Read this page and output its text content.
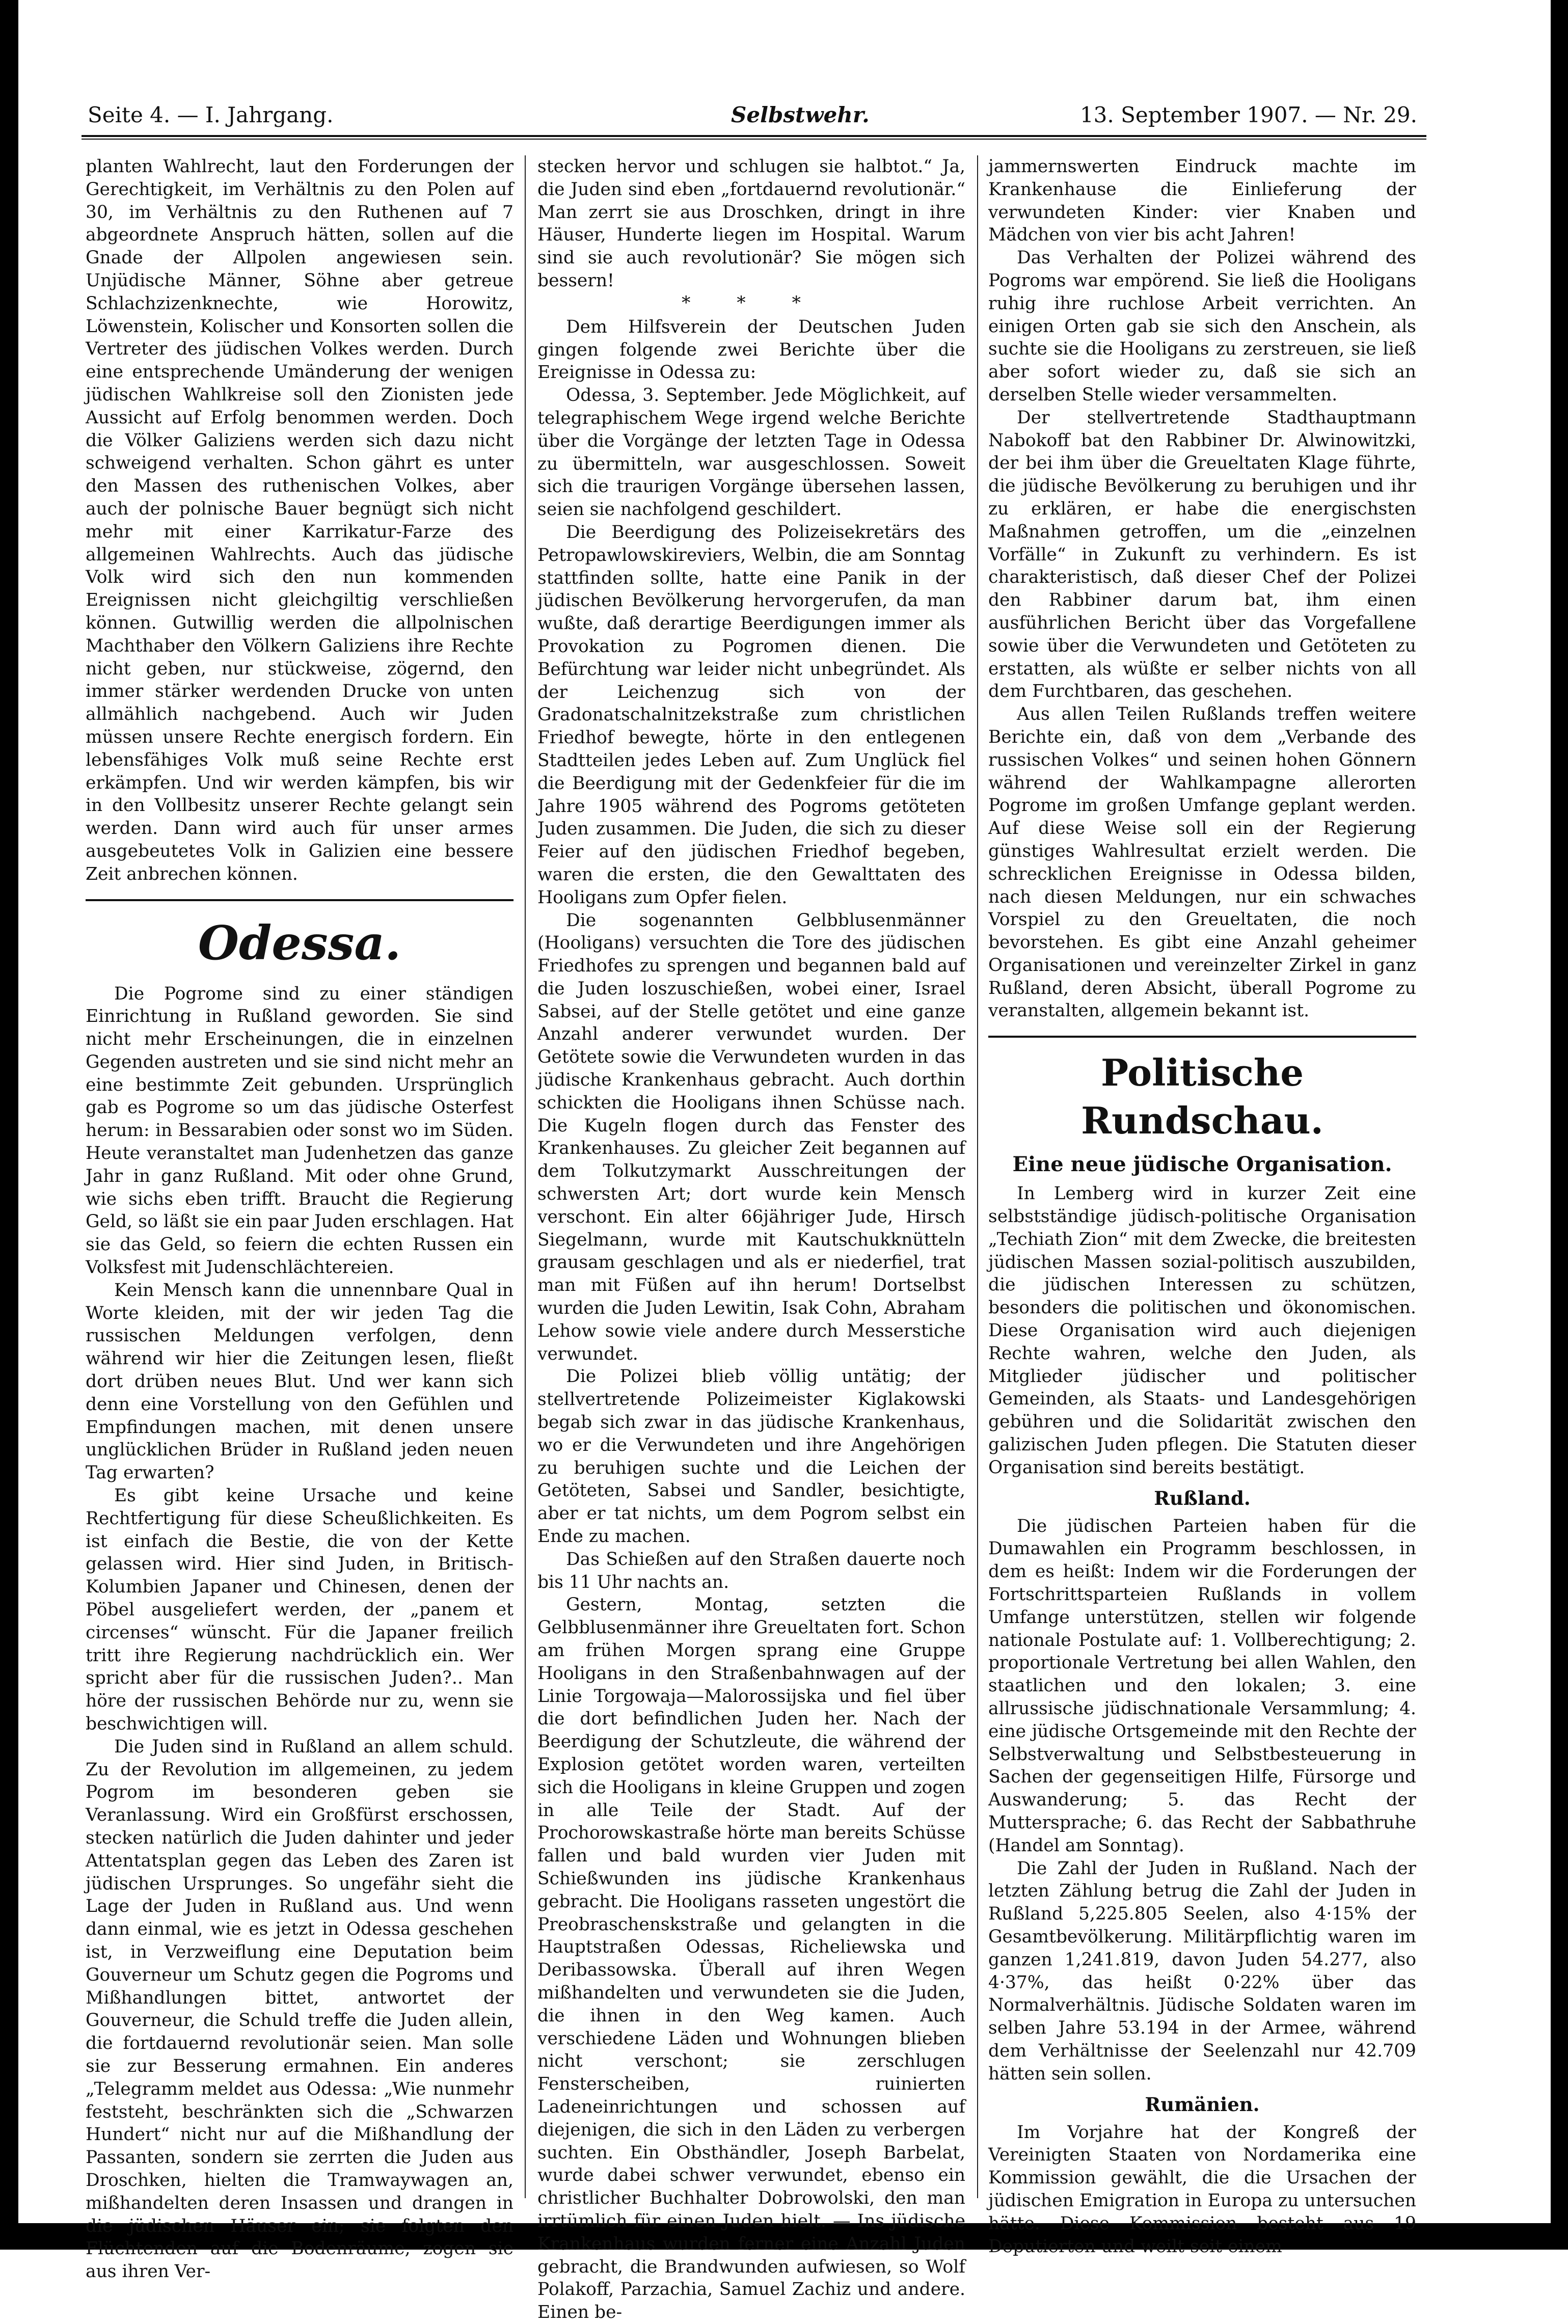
Seite 4. — I. Jahrgang.	Selbstwehr.	13. September 1907. — Nr. 29.

planten Wahlrecht, laut den Forderungen der Gerechtigkeit, im Verhältnis zu den Polen auf 30, im Verhältnis zu den Ruthenen auf 7 abgeordnete Anspruch hätten, sollen auf die Gnade der Allpolen angewiesen sein. Unjüdische Männer, Söhne aber getreue Schlachzizenknechte, wie Horowitz, Löwenstein, Kolischer und Konsorten sollen die Vertreter des jüdischen Volkes werden. Durch eine entsprechende Umänderung der wenigen jüdischen Wahlkreise soll den Zionisten jede Aussicht auf Erfolg benommen werden. Doch die Völker Galiziens werden sich dazu nicht schweigend verhalten. Schon gährt es unter den Massen des ruthenischen Volkes, aber auch der polnische Bauer begnügt sich nicht mehr mit einer Karrikatur-Farze des allgemeinen Wahlrechts. Auch das jüdische Volk wird sich den nun kommenden Ereignissen nicht gleichgiltig verschließen können. Gutwillig werden die allpolnischen Machthaber den Völkern Galiziens ihre Rechte nicht geben, nur stückweise, zögernd, den immer stärker werdenden Drucke von unten allmählich nachgebend. Auch wir Juden müssen unsere Rechte energisch fordern. Ein lebensfähiges Volk muß seine Rechte erst erkämpfen. Und wir werden kämpfen, bis wir in den Vollbesitz unserer Rechte gelangt sein werden. Dann wird auch für unser armes ausgebeutetes Volk in Galizien eine bessere Zeit anbrechen können.

Odessa.

Die Pogrome sind zu einer ständigen Einrichtung in Rußland geworden. Sie sind nicht mehr Erscheinungen, die in einzelnen Gegenden austreten und sie sind nicht mehr an eine bestimmte Zeit gebunden. Ursprünglich gab es Pogrome so um das jüdische Osterfest herum: in Bessarabien oder sonst wo im Süden. Heute veranstaltet man Judenhetzen das ganze Jahr in ganz Rußland. Mit oder ohne Grund, wie sichs eben trifft. Braucht die Regierung Geld, so läßt sie ein paar Juden erschlagen. Hat sie das Geld, so feiern die echten Russen ein Volksfest mit Judenschlächtereien.

Kein Mensch kann die unnennbare Qual in Worte kleiden, mit der wir jeden Tag die russischen Meldungen verfolgen, denn während wir hier die Zeitungen lesen, fließt dort drüben neues Blut. Und wer kann sich denn eine Vorstellung von den Gefühlen und Empfindungen machen, mit denen unsere unglücklichen Brüder in Rußland jeden neuen Tag erwarten?

Es gibt keine Ursache und keine Rechtfertigung für diese Scheußlichkeiten. Es ist einfach die Bestie, die von der Kette gelassen wird. Hier sind Juden, in Britisch-Kolumbien Japaner und Chinesen, denen der Pöbel ausgeliefert werden, der „panem et circenses“ wünscht. Für die Japaner freilich tritt ihre Regierung nachdrücklich ein. Wer spricht aber für die russischen Juden?.. Man höre der russischen Behörde nur zu, wenn sie beschwichtigen will.

Die Juden sind in Rußland an allem schuld. Zu der Revolution im allgemeinen, zu jedem Pogrom im besonderen geben sie Veranlassung. Wird ein Großfürst erschossen, stecken natürlich die Juden dahinter und jeder Attentatsplan gegen das Leben des Zaren ist jüdischen Ursprunges. So ungefähr sieht die Lage der Juden in Rußland aus. Und wenn dann einmal, wie es jetzt in Odessa geschehen ist, in Verzweiflung eine Deputation beim Gouverneur um Schutz gegen die Pogroms und Mißhandlungen bittet, antwortet der Gouverneur, die Schuld treffe die Juden allein, die fortdauernd revolutionär seien. Man solle sie zur Besserung ermahnen. Ein anderes „Telegramm meldet aus Odessa: „Wie nunmehr feststeht, beschränkten sich die „Schwarzen Hundert“ nicht nur auf die Mißhandlung der Passanten, sondern sie zerrten die Juden aus Droschken, hielten die Tramwaywagen an, mißhandelten deren Insassen und drangen in die jüdischen Häuser ein; sie folgten den Flüchtenden auf die Bodenräume, zogen sie aus ihren Ver-

stecken hervor und schlugen sie halbtot.“ Ja, die Juden sind eben „fortdauernd revolutionär.“ Man zerrt sie aus Droschken, dringt in ihre Häuser, Hunderte liegen im Hospital. Warum sind sie auch revolutionär? Sie mögen sich bessern!

* * *

Dem Hilfsverein der Deutschen Juden gingen folgende zwei Berichte über die Ereignisse in Odessa zu:

Odessa, 3. September. Jede Möglichkeit, auf telegraphischem Wege irgend welche Berichte über die Vorgänge der letzten Tage in Odessa zu übermitteln, war ausgeschlossen. Soweit sich die traurigen Vorgänge übersehen lassen, seien sie nachfolgend geschildert.

Die Beerdigung des Polizeisekretärs des Petropawlowskireviers, Welbin, die am Sonntag stattfinden sollte, hatte eine Panik in der jüdischen Bevölkerung hervorgerufen, da man wußte, daß derartige Beerdigungen immer als Provokation zu Pogromen dienen. Die Befürchtung war leider nicht unbegründet. Als der Leichenzug sich von der Gradonatschalnitzekstraße zum christlichen Friedhof bewegte, hörte in den entlegenen Stadtteilen jedes Leben auf. Zum Unglück fiel die Beerdigung mit der Gedenkfeier für die im Jahre 1905 während des Pogroms getöteten Juden zusammen. Die Juden, die sich zu dieser Feier auf den jüdischen Friedhof begeben, waren die ersten, die den Gewalttaten des Hooligans zum Opfer fielen.

Die sogenannten Gelbblusenmänner (Hooligans) versuchten die Tore des jüdischen Friedhofes zu sprengen und begannen bald auf die Juden loszuschießen, wobei einer, Israel Sabsei, auf der Stelle getötet und eine ganze Anzahl anderer verwundet wurden. Der Getötete sowie die Verwundeten wurden in das jüdische Krankenhaus gebracht. Auch dorthin schickten die Hooligans ihnen Schüsse nach. Die Kugeln flogen durch das Fenster des Krankenhauses. Zu gleicher Zeit begannen auf dem Tolkutzymarkt Ausschreitungen der schwersten Art; dort wurde kein Mensch verschont. Ein alter 66jähriger Jude, Hirsch Siegelmann, wurde mit Kautschukknütteln grausam geschlagen und als er niederfiel, trat man mit Füßen auf ihn herum! Dortselbst wurden die Juden Lewitin, Isak Cohn, Abraham Lehow sowie viele andere durch Messerstiche verwundet.

Die Polizei blieb völlig untätig; der stellvertretende Polizeimeister Kiglakowski begab sich zwar in das jüdische Krankenhaus, wo er die Verwundeten und ihre Angehörigen zu beruhigen suchte und die Leichen der Getöteten, Sabsei und Sandler, besichtigte, aber er tat nichts, um dem Pogrom selbst ein Ende zu machen.

Das Schießen auf den Straßen dauerte noch bis 11 Uhr nachts an.

Gestern, Montag, setzten die Gelbblusenmänner ihre Greueltaten fort. Schon am frühen Morgen sprang eine Gruppe Hooligans in den Straßenbahnwagen auf der Linie Torgowaja—Malorossijska und fiel über die dort befindlichen Juden her. Nach der Beerdigung der Schutzleute, die während der Explosion getötet worden waren, verteilten sich die Hooligans in kleine Gruppen und zogen in alle Teile der Stadt. Auf der Prochorowskastraße hörte man bereits Schüsse fallen und bald wurden vier Juden mit Schießwunden ins jüdische Krankenhaus gebracht. Die Hooligans rasseten ungestört die Preobraschenskstraße und gelangten in die Hauptstraßen Odessas, Richeliewska und Deribassowska. Überall auf ihren Wegen mißhandelten und verwundeten sie die Juden, die ihnen in den Weg kamen. Auch verschiedene Läden und Wohnungen blieben nicht verschont; sie zerschlugen Fensterscheiben, ruinierten Ladeneinrichtungen und schossen auf diejenigen, die sich in den Läden zu verbergen suchten. Ein Obsthändler, Joseph Barbelat, wurde dabei schwer verwundet, ebenso ein christlicher Buchhalter Dobrowolski, den man irrtümlich für einen Juden hielt. — Ins jüdische Krankenhaus wurden ferner eine Anzahl Juden gebracht, die Brandwunden aufwiesen, so Wolf Polakoff, Parzachia, Samuel Zachiz und andere. Einen be-

jammernswerten Eindruck machte im Krankenhause die Einlieferung der verwundeten Kinder: vier Knaben und Mädchen von vier bis acht Jahren!

Das Verhalten der Polizei während des Pogroms war empörend. Sie ließ die Hooligans ruhig ihre ruchlose Arbeit verrichten. An einigen Orten gab sie sich den Anschein, als suchte sie die Hooligans zu zerstreuen, sie ließ aber sofort wieder zu, daß sie sich an derselben Stelle wieder versammelten.

Der stellvertretende Stadthauptmann Nabokoff bat den Rabbiner Dr. Alwinowitzki, der bei ihm über die Greueltaten Klage führte, die jüdische Bevölkerung zu beruhigen und ihr zu erklären, er habe die energischsten Maßnahmen getroffen, um die „einzelnen Vorfälle“ in Zukunft zu verhindern. Es ist charakteristisch, daß dieser Chef der Polizei den Rabbiner darum bat, ihm einen ausführlichen Bericht über das Vorgefallene sowie über die Verwundeten und Getöteten zu erstatten, als wüßte er selber nichts von all dem Furchtbaren, das geschehen.

Aus allen Teilen Rußlands treffen weitere Berichte ein, daß von dem „Verbande des russischen Volkes“ und seinen hohen Gönnern während der Wahlkampagne allerorten Pogrome im großen Umfange geplant werden. Auf diese Weise soll ein der Regierung günstiges Wahlresultat erzielt werden. Die schrecklichen Ereignisse in Odessa bilden, nach diesen Meldungen, nur ein schwaches Vorspiel zu den Greueltaten, die noch bevorstehen. Es gibt eine Anzahl geheimer Organisationen und vereinzelter Zirkel in ganz Rußland, deren Absicht, überall Pogrome zu veranstalten, allgemein bekannt ist.

Politische Rundschau.
Eine neue jüdische Organisation.

In Lemberg wird in kurzer Zeit eine selbstständige jüdisch-politische Organisation „Techiath Zion“ mit dem Zwecke, die breitesten jüdischen Massen sozial-politisch auszubilden, die jüdischen Interessen zu schützen, besonders die politischen und ökonomischen. Diese Organisation wird auch diejenigen Rechte wahren, welche den Juden, als Mitglieder jüdischer und politischer Gemeinden, als Staats- und Landesgehörigen gebühren und die Solidarität zwischen den galizischen Juden pflegen. Die Statuten dieser Organisation sind bereits bestätigt.

Rußland.

Die jüdischen Parteien haben für die Dumawahlen ein Programm beschlossen, in dem es heißt: Indem wir die Forderungen der Fortschrittsparteien Rußlands in vollem Umfange unterstützen, stellen wir folgende nationale Postulate auf: 1. Vollberechtigung; 2. proportionale Vertretung bei allen Wahlen, den staatlichen und den lokalen; 3. eine allrussische jüdischnationale Versammlung; 4. eine jüdische Ortsgemeinde mit den Rechte der Selbstverwaltung und Selbstbesteuerung in Sachen der gegenseitigen Hilfe, Fürsorge und Auswanderung; 5. das Recht der Muttersprache; 6. das Recht der Sabbathruhe (Handel am Sonntag).

Die Zahl der Juden in Rußland. Nach der letzten Zählung betrug die Zahl der Juden in Rußland 5,225.805 Seelen, also 4·15% der Gesamtbevölkerung. Militärpflichtig waren im ganzen 1,241.819, davon Juden 54.277, also 4·37%, das heißt 0·22% über das Normalverhältnis. Jüdische Soldaten waren im selben Jahre 53.194 in der Armee, während dem Verhältnisse der Seelenzahl nur 42.709 hätten sein sollen.

Rumänien.

Im Vorjahre hat der Kongreß der Vereinigten Staaten von Nordamerika eine Kommission gewählt, die die Ursachen der jüdischen Emigration in Europa zu untersuchen hätte. Diese Kommission besteht aus 19 Deputierten und weilt seit einem
